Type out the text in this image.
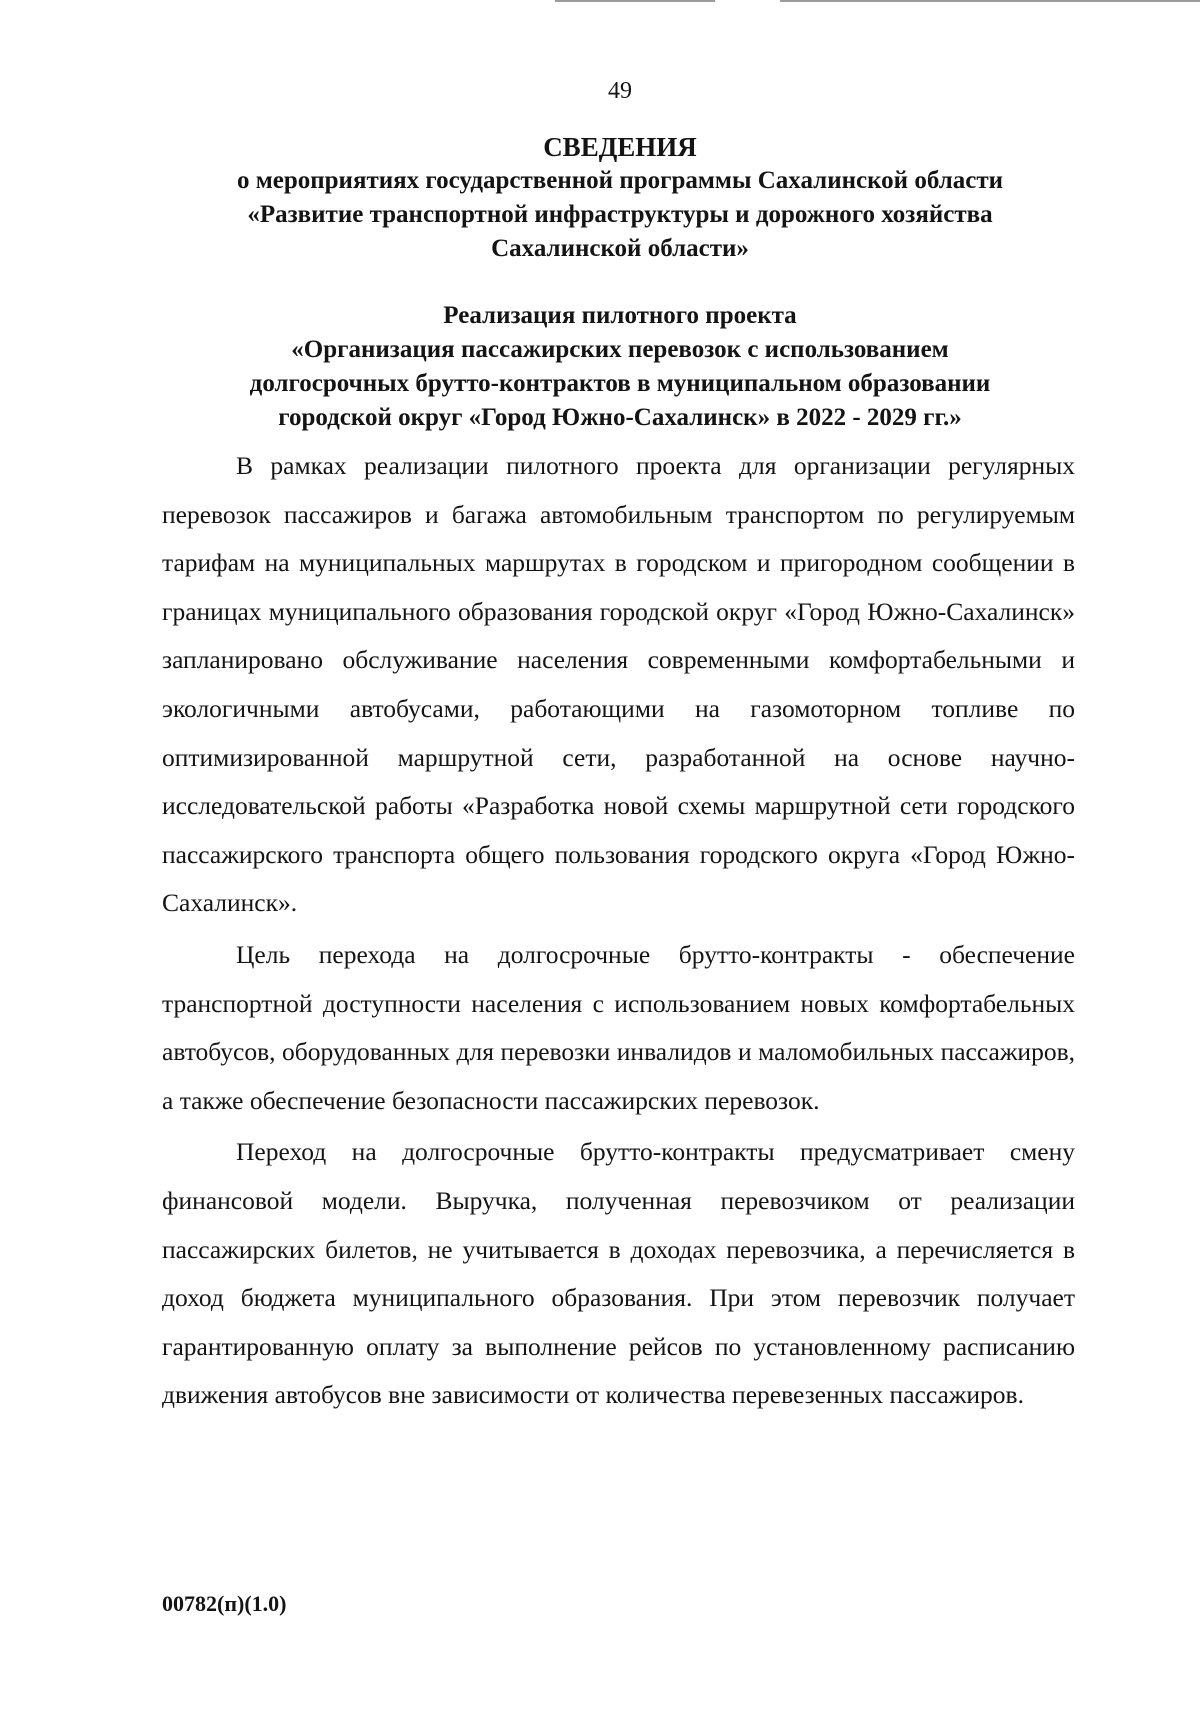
49
СВЕДЕНИЯ
о мероприятиях государственной программы Сахалинской области
«Развитие транспортной инфраструктуры и дорожного хозяйства
Сахалинской области»
Реализация пилотного проекта
«Организация пассажирских перевозок с использованием
долгосрочных брутто-контрактов в муниципальном образовании
городской округ «Город Южно-Сахалинск» в 2022 - 2029 гг.»

В рамках реализации пилотного проекта для организации регулярных перевозок пассажиров и багажа автомобильным транспортом по регулируемым тарифам на муниципальных маршрутах в городском и пригородном сообщении в границах муниципального образования городской округ «Город Южно-Сахалинск» запланировано обслуживание населения современными комфортабельными и экологичными автобусами, работающими на газомоторном топливе по оптимизированной маршрутной сети, разработанной на основе научно-исследовательской работы «Разработка новой схемы маршрутной сети городского пассажирского транспорта общего пользования городского округа «Город Южно-Сахалинск».

Цель перехода на долгосрочные брутто-контракты - обеспечение транспортной доступности населения с использованием новых комфортабельных автобусов, оборудованных для перевозки инвалидов и маломобильных пассажиров, а также обеспечение безопасности пассажирских перевозок.

Переход на долгосрочные брутто-контракты предусматривает смену финансовой модели. Выручка, полученная перевозчиком от реализации пассажирских билетов, не учитывается в доходах перевозчика, а перечисляется в доход бюджета муниципального образования. При этом перевозчик получает гарантированную оплату за выполнение рейсов по установленному расписанию движения автобусов вне зависимости от количества перевезенных пассажиров.

00782(п)(1.0)
